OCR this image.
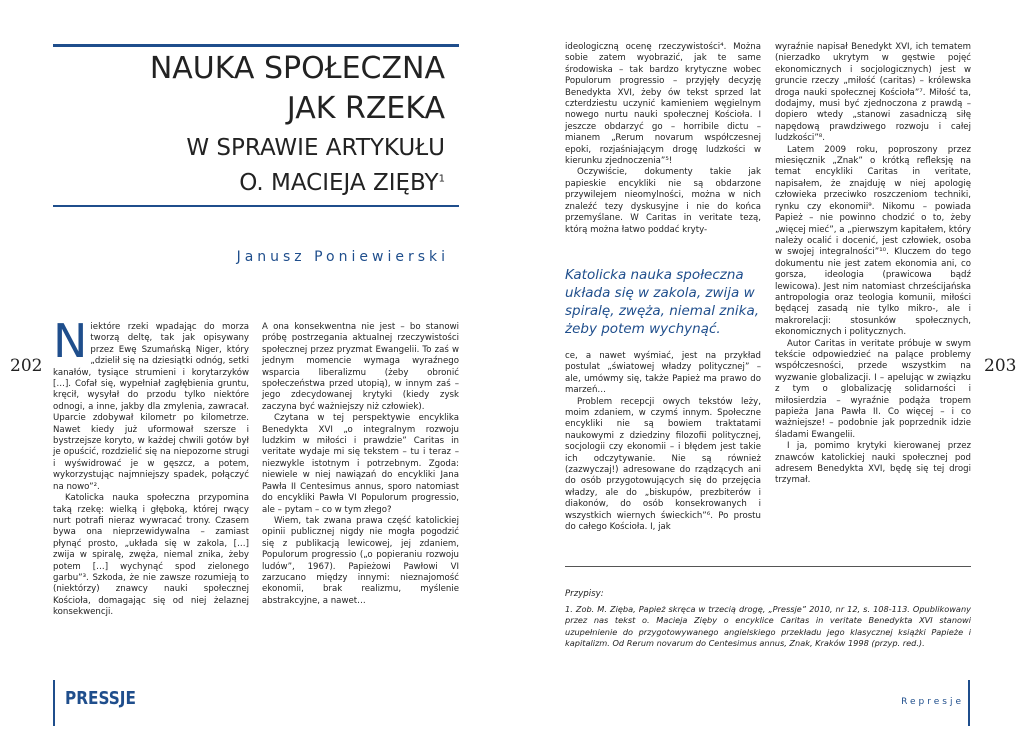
NAUKA SPOŁECZNA
JAK RZEKA
W SPRAWIE ARTYKUŁU
O. MACIEJA ZIĘBY$^1$
Janusz Poniewierski
202 Niektóre rzeki wpadając do morza tworzą deltę, tak jak opisywany przez Ewę Szumańską Niger, który „dzielił się na dziesiątki odnóg, setki kanałów, tysiące strumieni i korytarzyków […]. Cofał się, wypełniał zagłębienia gruntu, kręcił, wysyłał do przodu tylko niektóre odnogi, a inne, jakby dla zmylenia, zawracał. Uparcie zdobywał kilometr po kilometrze. Nawet kiedy już uformował szersze i bystrzejsze koryto, w każdej chwili gotów był je opuścić, rozdzielić się na niepozorne strugi i wyświdrować je w gęszcz, a potem, wykorzystując najmniejszy spadek, połączyć na nowo”².

Katolicka nauka społeczna przypomina taką rzekę: wielką i głęboką, której rwący nurt potrafi nieraz wywracać trony. Czasem bywa ona nieprzewidywalna – zamiast płynąć prosto, „układa się w zakola, […] zwija w spiralę, zwęża, niemal znika, żeby potem […] wychynąć spod zielonego garbu”³. Szkoda, że nie zawsze rozumieją to (niektórzy) znawcy nauki społecznej Kościoła, domagając się od niej żelaznej konsekwencji.

A ona konsekwentna nie jest – bo stanowi próbę postrzegania aktualnej rzeczywistości społecznej przez pryzmat Ewangelii. To zaś w jednym momencie wymaga wyraźnego wsparcia liberalizmu (żeby obronić społeczeństwa przed utopią), w innym zaś – jego zdecydowanej krytyki (kiedy zysk zaczyna być ważniejszy niż człowiek).

Czytana w tej perspektywie encyklika Benedykta XVI „o integralnym rozwoju ludzkim w miłości i prawdzie” Caritas in veritate wydaje mi się tekstem – tu i teraz – niezwykle istotnym i potrzebnym. Zgoda: niewiele w niej nawiązań do encykliki Jana Pawła II Centesimus annus, sporo natomiast do encykliki Pawła VI Populorum progressio, ale – pytam – co w tym złego?

Wiem, tak zwana prawa część katolickiej opinii publicznej nigdy nie mogła pogodzić się z publikacją lewicowej, jej zdaniem, Populorum progressio („o popieraniu rozwoju ludów”, 1967). Papieżowi Pawłowi VI zarzucano między innymi: nieznajomość ekonomii, brak realizmu, myślenie abstrakcyjne, a nawet…

PRESSJE
203

ideologiczną ocenę rzeczywistości⁴. Można sobie zatem wyobrazić, jak te same środowiska – tak bardzo krytyczne wobec Populorum progressio – przyjęły decyzję Benedykta XVI, żeby ów tekst sprzed lat czterdziestu uczynić kamieniem węgielnym nowego nurtu nauki społecznej Kościoła. I jeszcze obdarzyć go – horribile dictu – mianem „Rerum novarum współczesnej epoki, rozjaśniającym drogę ludzkości w kierunku zjednoczenia”⁵!

Oczywiście, dokumenty takie jak papieskie encykliki nie są obdarzone przywilejem nieomylności, można w nich znaleźć tezy dyskusyjne i nie do końca przemyślane. W Caritas in veritate tezą, którą można łatwo poddać kryty-

Katolicka nauka społeczna układa się w zakola, zwija w spiralę, zwęża, niemal znika, żeby potem wychynąć.

ce, a nawet wyśmiać, jest na przykład postulat „światowej władzy politycznej” – ale, umówmy się, także Papież ma prawo do marzeń…

Problem recepcji owych tekstów leży, moim zdaniem, w czymś innym. Społeczne encykliki nie są bowiem traktatami naukowymi z dziedziny filozofii politycznej, socjologii czy ekonomii – i błędem jest takie ich odczytywanie. Nie są również (zazwyczaj!) adresowane do rządzących ani do osób przygotowujących się do przejęcia władzy, ale do „biskupów, prezbiterów i diakonów, do osób konsekrowanych i wszystkich wiernych świeckich”⁶. Po prostu do całego Kościoła. I, jak

wyraźnie napisał Benedykt XVI, ich tematem (nierzadko ukrytym w gęstwie pojęć ekonomicznych i socjologicznych) jest w gruncie rzeczy „miłość (caritas) – królewska droga nauki społecznej Kościoła”⁷. Miłość ta, dodajmy, musi być zjednoczona z prawdą – dopiero wtedy „stanowi zasadniczą siłę napędową prawdziwego rozwoju i całej ludzkości”⁸.

Latem 2009 roku, poproszony przez miesięcznik „Znak” o krótką refleksję na temat encykliki Caritas in veritate, napisałem, że znajduję w niej apologię człowieka przeciwko roszczeniom techniki, rynku czy ekonomii⁹. Nikomu – powiada Papież – nie powinno chodzić o to, żeby „więcej mieć”, a „pierwszym kapitałem, który należy ocalić i docenić, jest człowiek, osoba w swojej integralności”¹⁰. Kluczem do tego dokumentu nie jest zatem ekonomia ani, co gorsza, ideologia (prawicowa bądź lewicowa). Jest nim natomiast chrześcijańska antropologia oraz teologia komunii, miłości będącej zasadą nie tylko mikro-, ale i makrorelacji: stosunków społecznych, ekonomicznych i politycznych.

Autor Caritas in veritate próbuje w swym tekście odpowiedzieć na palące problemy współczesności, przede wszystkim na wyzwanie globalizacji. I – apelując w związku z tym o globalizację solidarności i miłosierdzia – wyraźnie podąża tropem papieża Jana Pawła II. Co więcej – i co ważniejsze! – podobnie jak poprzednik idzie śladami Ewangelii.

I ja, pomimo krytyki kierowanej przez znawców katolickiej nauki społecznej pod adresem Benedykta XVI, będę się tej drogi trzymał.

Przypisy:
1. Zob. M. Zięba, Papież skręca w trzecią drogę, „Pressje” 2010, nr 12, s. 108-113. Opublikowany przez nas tekst o. Macieja Zięby o encyklice Caritas in veritate Benedykta XVI stanowi uzupełnienie do przygotowywanego angielskiego przekładu jego klasycznej książki Papieże i kapitalizm. Od Rerum novarum do Centesimus annus, Znak, Kraków 1998 (przyp. red.).
Represje
